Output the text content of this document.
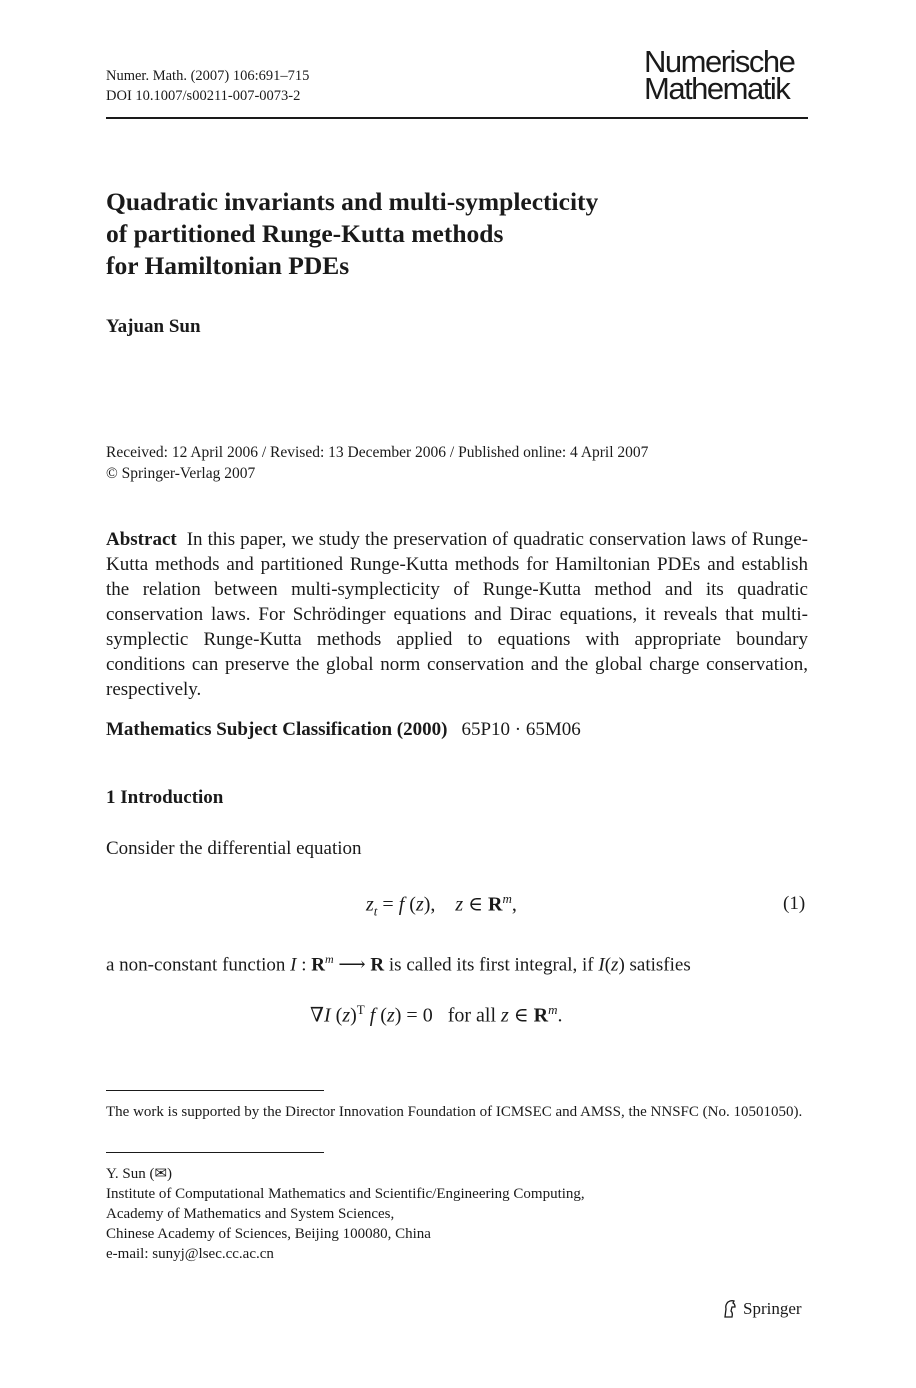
Numer. Math. (2007) 106:691–715
DOI 10.1007/s00211-007-0073-2
Numerische
Mathematik
Quadratic invariants and multi-symplecticity
of partitioned Runge-Kutta methods
for Hamiltonian PDEs
Yajuan Sun
Received: 12 April 2006 / Revised: 13 December 2006 / Published online: 4 April 2007
© Springer-Verlag 2007
Abstract In this paper, we study the preservation of quadratic conservation laws of Runge-Kutta methods and partitioned Runge-Kutta methods for Hamiltonian PDEs and establish the relation between multi-symplecticity of Runge-Kutta method and its quadratic conservation laws. For Schrödinger equations and Dirac equations, it reveals that multi-symplectic Runge-Kutta methods applied to equations with appropriate boundary conditions can preserve the global norm conservation and the global charge conservation, respectively.
Mathematics Subject Classification (2000) 65P10 · 65M06
1 Introduction
Consider the differential equation
$z_t = f$ (z),    z ∈ $R^m$,	(1)
a non-constant function I : $R^m$ ⟶ R is called its first integral, if I(z) satisfies
∇I $(z)^T$ f (z) = 0 for all z ∈ $R^m$.
The work is supported by the Director Innovation Foundation of ICMSEC and AMSS, the NNSFC (No. 10501050).
Y. Sun (✉)
Institute of Computational Mathematics and Scientific/Engineering Computing,
Academy of Mathematics and System Sciences,
Chinese Academy of Sciences, Beijing 100080, China
e-mail: sunyj@lsec.cc.ac.cn
Springer
